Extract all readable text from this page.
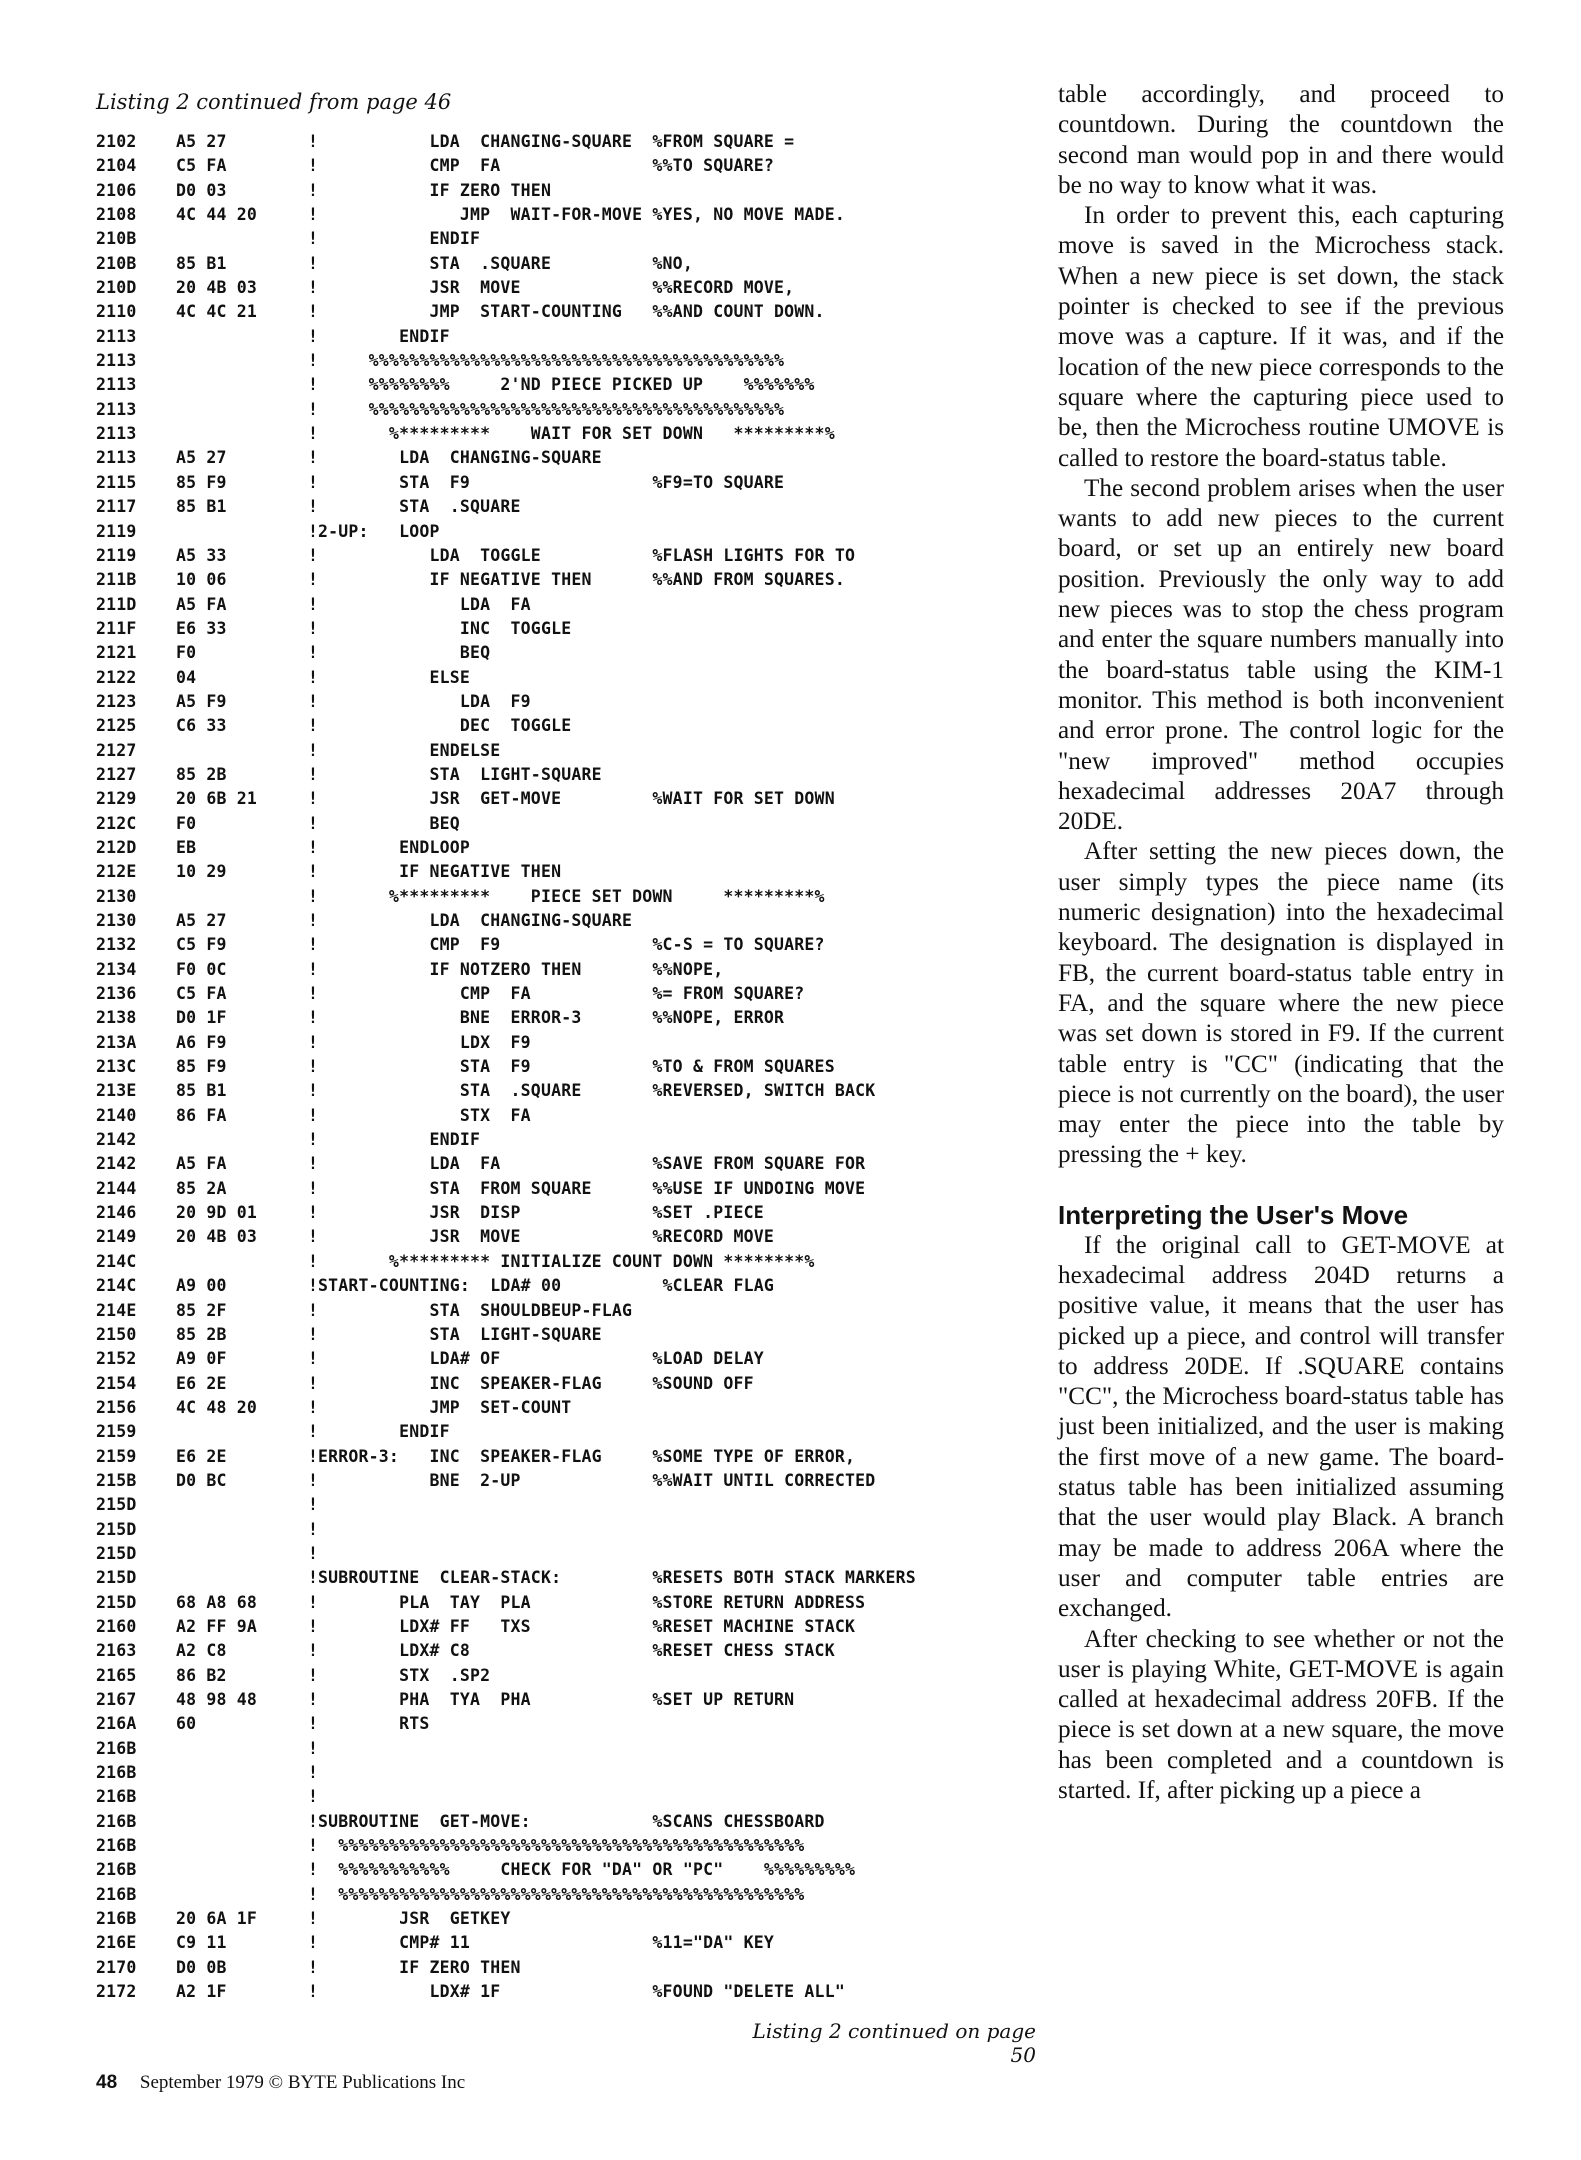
Listing 2 continued from page 46
2102 A5 27	! LDA  CHANGING-SQUARE  %FROM SQUARE =
2104 C5 FA	! CMP  FA               %%TO SQUARE?
2106 D0 03	! IF ZERO THEN
2108 4C 44 20	! JMP  WAIT-FOR-MOVE %YES, NO MOVE MADE.
210B	! ENDIF
210B 85 B1	! STA  .SQUARE          %NO,
210D 20 4B 03	! JSR  MOVE             %%RECORD MOVE,
2110 4C 4C 21	! JMP  START-COUNTING   %%AND COUNT DOWN.
2113	! ENDIF
2113	! %%%%%%%%%%%%%%%%%%%%%%%%%%%%%%%%%%%%%%%%%
2113	! %%%%%%%%     2'ND PIECE PICKED UP    %%%%%%%
2113	! %%%%%%%%%%%%%%%%%%%%%%%%%%%%%%%%%%%%%%%%%
2113	! %*********    WAIT FOR SET DOWN   *********%
2113 A5 27	! LDA  CHANGING-SQUARE
2115 85 F9	! STA  F9                  %F9=TO SQUARE
2117 85 B1	! STA  .SQUARE
2119	! 2-UP:   LOOP
2119 A5 33	! LDA  TOGGLE           %FLASH LIGHTS FOR TO
211B 10 06	! IF NEGATIVE THEN      %%AND FROM SQUARES.
211D A5 FA	! LDA  FA
211F E6 33	! INC  TOGGLE
2121 F0	! BEQ
2122 04	! ELSE
2123 A5 F9	! LDA  F9
2125 C6 33	! DEC  TOGGLE
2127	! ENDELSE
2127 85 2B	! STA  LIGHT-SQUARE
2129 20 6B 21	! JSR  GET-MOVE         %WAIT FOR SET DOWN
212C F0	! BEQ
212D EB	! ENDLOOP
212E 10 29	! IF NEGATIVE THEN
2130	! %*********    PIECE SET DOWN     *********%
2130 A5 27	! LDA  CHANGING-SQUARE
2132 C5 F9	! CMP  F9               %C-S = TO SQUARE?
2134 F0 0C	! IF NOTZERO THEN       %%NOPE,
2136 C5 FA	! CMP  FA            %= FROM SQUARE?
2138 D0 1F	! BNE  ERROR-3       %%NOPE, ERROR
213A A6 F9	! LDX  F9
213C 85 F9	! STA  F9            %TO & FROM SQUARES
213E 85 B1	! STA  .SQUARE       %REVERSED, SWITCH BACK
2140 86 FA	! STX  FA
2142	! ENDIF
2142 A5 FA	! LDA  FA               %SAVE FROM SQUARE FOR
2144 85 2A	! STA  FROM SQUARE      %%USE IF UNDOING MOVE
2146 20 9D 01	! JSR  DISP             %SET .PIECE
2149 20 4B 03	! JSR  MOVE             %RECORD MOVE
214C	! %********* INITIALIZE COUNT DOWN ********%
214C A9 00	! START-COUNTING:  LDA# 00          %CLEAR FLAG
214E 85 2F	! STA  SHOULDBEUP-FLAG
2150 85 2B	! STA  LIGHT-SQUARE
2152 A9 0F	! LDA# OF               %LOAD DELAY
2154 E6 2E	! INC  SPEAKER-FLAG     %SOUND OFF
2156 4C 48 20	! JMP  SET-COUNT
2159	! ENDIF
2159 E6 2E	! ERROR-3:   INC  SPEAKER-FLAG     %SOME TYPE OF ERROR,
215B D0 BC	! BNE  2-UP             %%WAIT UNTIL CORRECTED
215D	!
215D	!
215D	!
215D	! SUBROUTINE  CLEAR-STACK:         %RESETS BOTH STACK MARKERS
215D 68 A8 68	! PLA  TAY  PLA            %STORE RETURN ADDRESS
2160 A2 FF 9A	! LDX# FF   TXS            %RESET MACHINE STACK
2163 A2 C8	! LDX# C8                  %RESET CHESS STACK
2165 86 B2	! STX  .SP2
2167 48 98 48	! PHA  TYA  PHA            %SET UP RETURN
216A 60	! RTS
216B	!
216B	!
216B	!
216B	! SUBROUTINE  GET-MOVE:            %SCANS CHESSBOARD
216B	! %%%%%%%%%%%%%%%%%%%%%%%%%%%%%%%%%%%%%%%%%%%%%%
216B	! %%%%%%%%%%%     CHECK FOR "DA" OR "PC"    %%%%%%%%%
216B	! %%%%%%%%%%%%%%%%%%%%%%%%%%%%%%%%%%%%%%%%%%%%%%
216B 20 6A 1F	! JSR  GETKEY
216E C9 11	! CMP# 11                  %11="DA" KEY
2170 D0 0B	! IF ZERO THEN
2172 A2 1F	! LDX# 1F               %FOUND "DELETE ALL"
Listing 2 continued on page 50

table accordingly, and proceed to countdown. During the countdown the second man would pop in and there would be no way to know what it was.

In order to prevent this, each capturing move is saved in the Microchess stack. When a new piece is set down, the stack pointer is checked to see if the previous move was a capture. If it was, and if the location of the new piece corresponds to the square where the capturing piece used to be, then the Microchess routine UMOVE is called to restore the board-status table.

The second problem arises when the user wants to add new pieces to the current board, or set up an entirely new board position. Previously the only way to add new pieces was to stop the chess program and enter the square numbers manually into the board-status table using the KIM-1 monitor. This method is both inconvenient and error prone. The control logic for the "new improved" method occupies hexadecimal addresses 20A7 through 20DE.

After setting the new pieces down, the user simply types the piece name (its numeric designation) into the hexadecimal keyboard. The designation is displayed in FB, the current board-status table entry in FA, and the square where the new piece was set down is stored in F9. If the current table entry is "CC" (indicating that the piece is not currently on the board), the user may enter the piece into the table by pressing the + key.

Interpreting the User's Move

If the original call to GET-MOVE at hexadecimal address 204D returns a positive value, it means that the user has picked up a piece, and control will transfer to address 20DE. If .SQUARE contains "CC", the Microchess board-status table has just been initialized, and the user is making the first move of a new game. The board-status table has been initialized assuming that the user would play Black. A branch may be made to address 206A where the user and computer table entries are exchanged.

After checking to see whether or not the user is playing White, GET-MOVE is again called at hexadecimal address 20FB. If the piece is set down at a new square, the move has been completed and a countdown is started. If, after picking up a piece a

48 September 1979 © BYTE Publications Inc
